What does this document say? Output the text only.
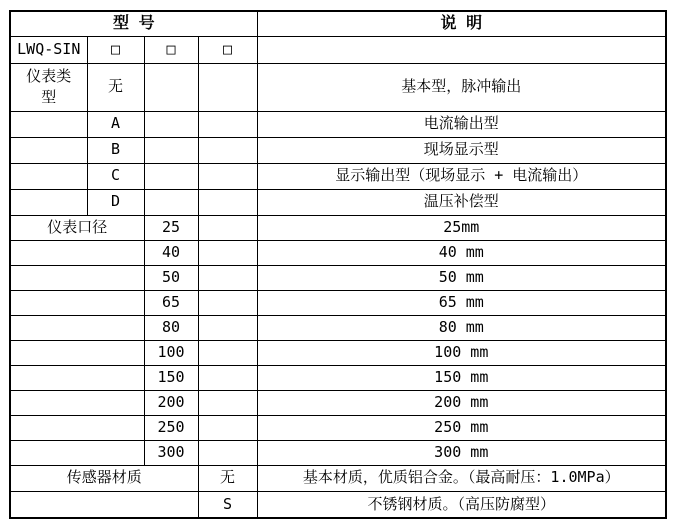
型 号				说 明
LWQ-SIN	□	□	□	
仪表类型	无			基本型，脉冲输出
	A			电流输出型
	B			现场显示型
	C			显示输出型（现场显示 + 电流输出）
	D			温压补偿型
仪表口径		25		25mm
		40		40 mm
		50		50 mm
		65		65 mm
		80		80 mm
		100		100 mm
		150		150 mm
		200		200 mm
		250		250 mm
		300		300 mm
传感器材质			无	基本材质，优质铝合金。（最高耐压：1.0MPa）
			S	不锈钢材质。（高压防腐型）
